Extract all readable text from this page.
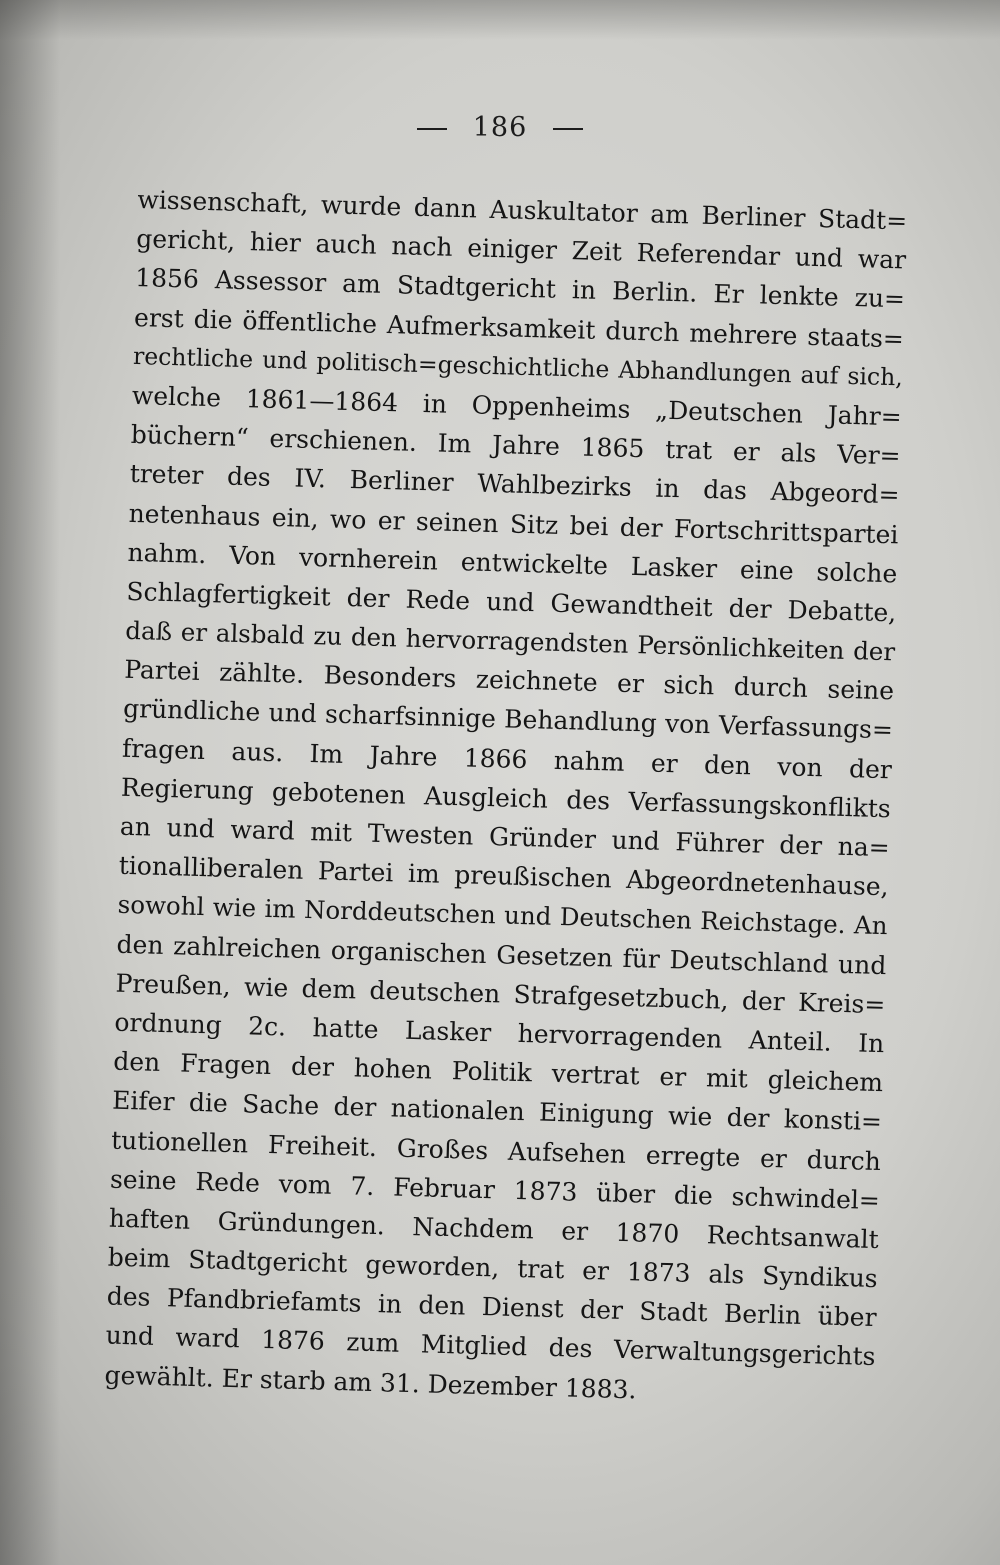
186
wissenschaft, wurde dann Auskultator am Berliner Stadt=
gericht, hier auch nach einiger Zeit Referendar und war
1856 Assessor am Stadtgericht in Berlin. Er lenkte zu=
erst die öffentliche Aufmerksamkeit durch mehrere staats=
rechtliche und politisch=geschichtliche Abhandlungen auf sich,
welche 1861—1864 in Oppenheims „Deutschen Jahr=
büchern“ erschienen. Im Jahre 1865 trat er als Ver=
treter des IV. Berliner Wahlbezirks in das Abgeord=
netenhaus ein, wo er seinen Sitz bei der Fortschrittspartei
nahm. Von vornherein entwickelte Lasker eine solche
Schlagfertigkeit der Rede und Gewandtheit der Debatte,
daß er alsbald zu den hervorragendsten Persönlichkeiten der
Partei zählte. Besonders zeichnete er sich durch seine
gründliche und scharfsinnige Behandlung von Verfassungs=
fragen aus. Im Jahre 1866 nahm er den von der
Regierung gebotenen Ausgleich des Verfassungskonflikts
an und ward mit Twesten Gründer und Führer der na=
tionalliberalen Partei im preußischen Abgeordnetenhause,
sowohl wie im Norddeutschen und Deutschen Reichstage. An
den zahlreichen organischen Gesetzen für Deutschland und
Preußen, wie dem deutschen Strafgesetzbuch, der Kreis=
ordnung 2c. hatte Lasker hervorragenden Anteil. In
den Fragen der hohen Politik vertrat er mit gleichem
Eifer die Sache der nationalen Einigung wie der konsti=
tutionellen Freiheit. Großes Aufsehen erregte er durch
seine Rede vom 7. Februar 1873 über die schwindel=
haften Gründungen. Nachdem er 1870 Rechtsanwalt
beim Stadtgericht geworden, trat er 1873 als Syndikus
des Pfandbriefamts in den Dienst der Stadt Berlin über
und ward 1876 zum Mitglied des Verwaltungsgerichts
gewählt. Er starb am 31. Dezember 1883.
